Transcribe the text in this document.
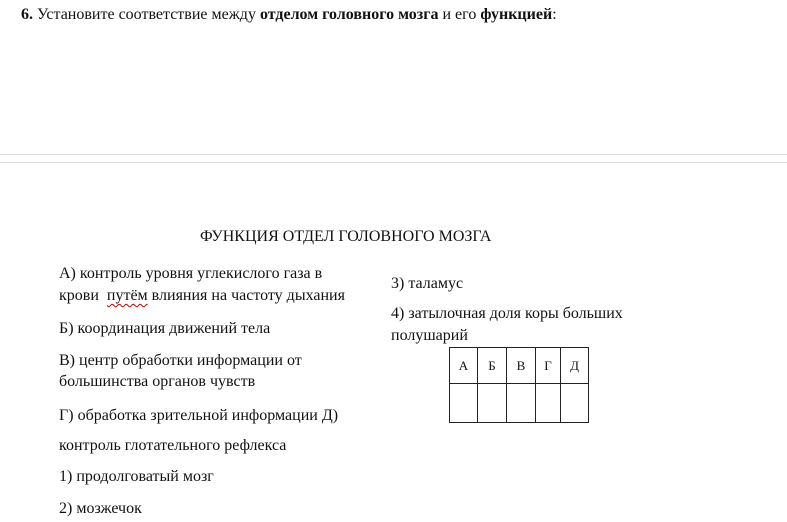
6. Установите соответствие между отделом головного мозга и его функцией:
ФУНКЦИЯ ОТДЕЛ ГОЛОВНОГО МОЗГА
А) контроль уровня углекислого газа в
крови путём влияния на частоту дыхания
Б) координация движений тела
В) центр обработки информации от
большинства органов чувств
Г) обработка зрительной информации Д)
контроль глотательного рефлекса
1) продолговатый мозг
2) мозжечок
3) таламус
4) затылочная доля коры больших
полушарий
А	Б	В	Г	Д
